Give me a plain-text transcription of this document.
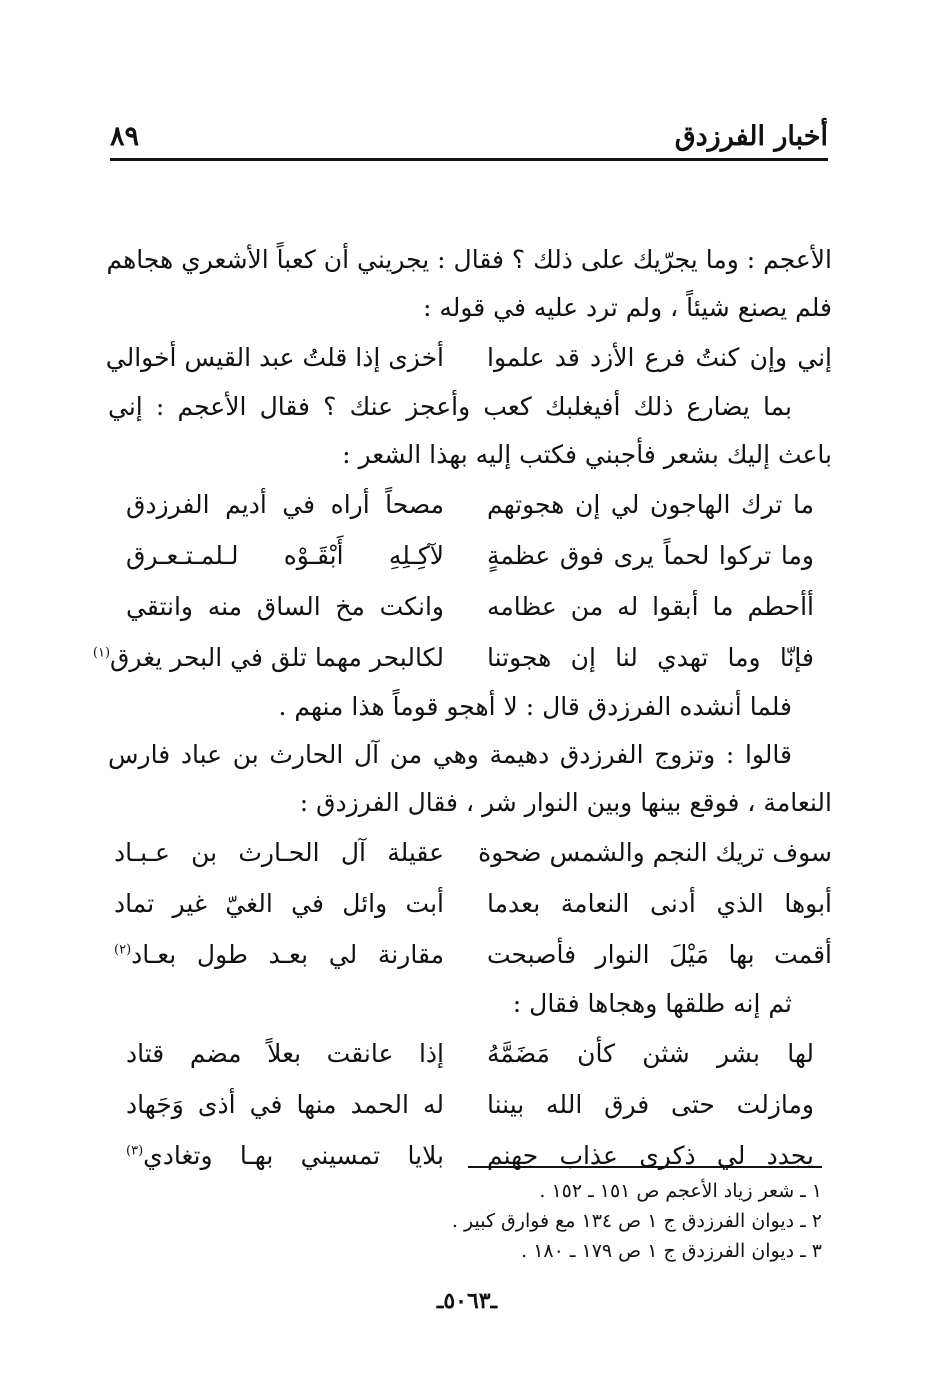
أخبار الفرزدق
٨٩
الأعجم : وما يجرّيك على ذلك ؟ فقال : يجريني أن كعباً الأشعري هجاهم
فلم يصنع شيئاً ، ولم ترد عليه في قوله :
إني وإن كنتُ فرع الأزد قد علموا
أخزى إذا قلتُ عبد القيس أخوالي
بما يضارع ذلك أفيغلبك كعب وأعجز عنك ؟ فقال الأعجم : إني
باعث إليك بشعر فأجبني فكتب إليه بهذا الشعر :
ما ترك الهاجون لي إن هجوتهم
مصحاً أراه في أديم الفرزدق
وما تركوا لحماً يرى فوق عظمةٍ
لآكِـلِهِ أَبْقَـوْه لـلمـتـعـرق
أأحطم ما أبقوا له من عظامه
وانكت مخ الساق منه وانتقي
فإنّا وما تهدي لنا إن هجوتنا
لكالبحر مهما تلق في البحر يغرق$^{(١)}$
فلما أنشده الفرزدق قال : لا أهجو قوماً هذا منهم .
قالوا : وتزوج الفرزدق دهيمة وهي من آل الحارث بن عباد فارس
النعامة ، فوقع بينها وبين النوار شر ، فقال الفرزدق :
سوف تريك النجم والشمس ضحوة
عقيلة آل الحـارث بن عـبـاد
أبوها الذي أدنى النعامة بعدما
أبت وائل في الغيّ غير تماد
أقمت بها مَيْلَ النوار فأصبحت
مقارنة لي بعـد طول بعـاد$^{(٢)}$
ثم إنه طلقها وهجاها فقال :
لها بشر شثن كأن مَضَمَّهُ
إذا عانقت بعلاً مضم قتاد
ومازلت حتى فرق الله بيننا
له الحمد منها في أذى وَجَهاد
يجدد لي ذكرى عذاب جهنم
بلايا تمسيني بهـا وتغادي$^{(٣)}$
١ ـ شعر زياد الأعجم ص ١٥١ ـ ١٥٢ .
٢ ـ ديوان الفرزدق ج ١ ص ١٣٤ مع فوارق كبير .
٣ ـ ديوان الفرزدق ج ١ ص ١٧٩ ـ ١٨٠ .
ـ٥٠٦٣ـ
